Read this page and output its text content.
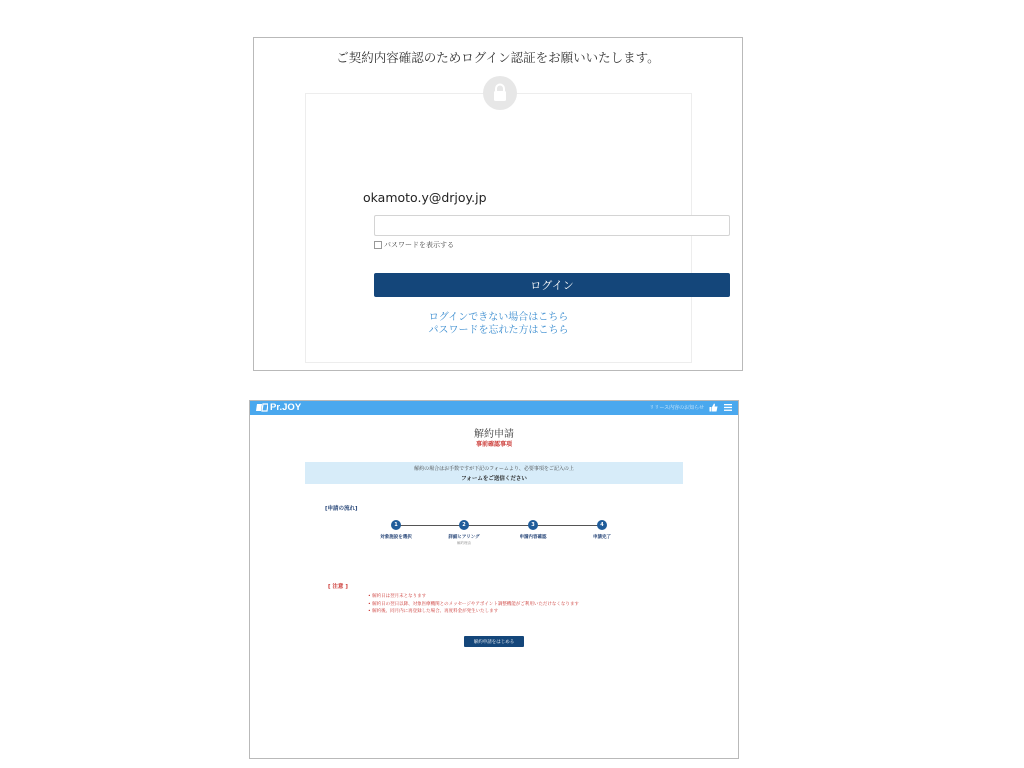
ご契約内容確認のためログイン認証をお願いいたします。
okamoto.y@drjoy.jp
パスワードを表示する
ログイン
ログインできない場合はこちら
パスワードを忘れた方はこちら
Pr.JOY	リリース内容のお知らせ
解約申請
事前確認事項
解約の場合はお手数ですが下記のフォームより、必要事項をご記入の上
フォームをご送信ください
[申請の流れ]
1	2	3	4
対象施設を選択	詳細ヒアリング
解約理由
申請内容確認	申請完了
[ 注意 ]
• 解約日は翌月末となります
• 解約日の翌日以降、対象医療機関とのメッセージやアポイント調整機能がご利用いただけなくなります
• 解約後、同月内に再登録した場合、再度料金が発生いたします
解約申請をはじめる
